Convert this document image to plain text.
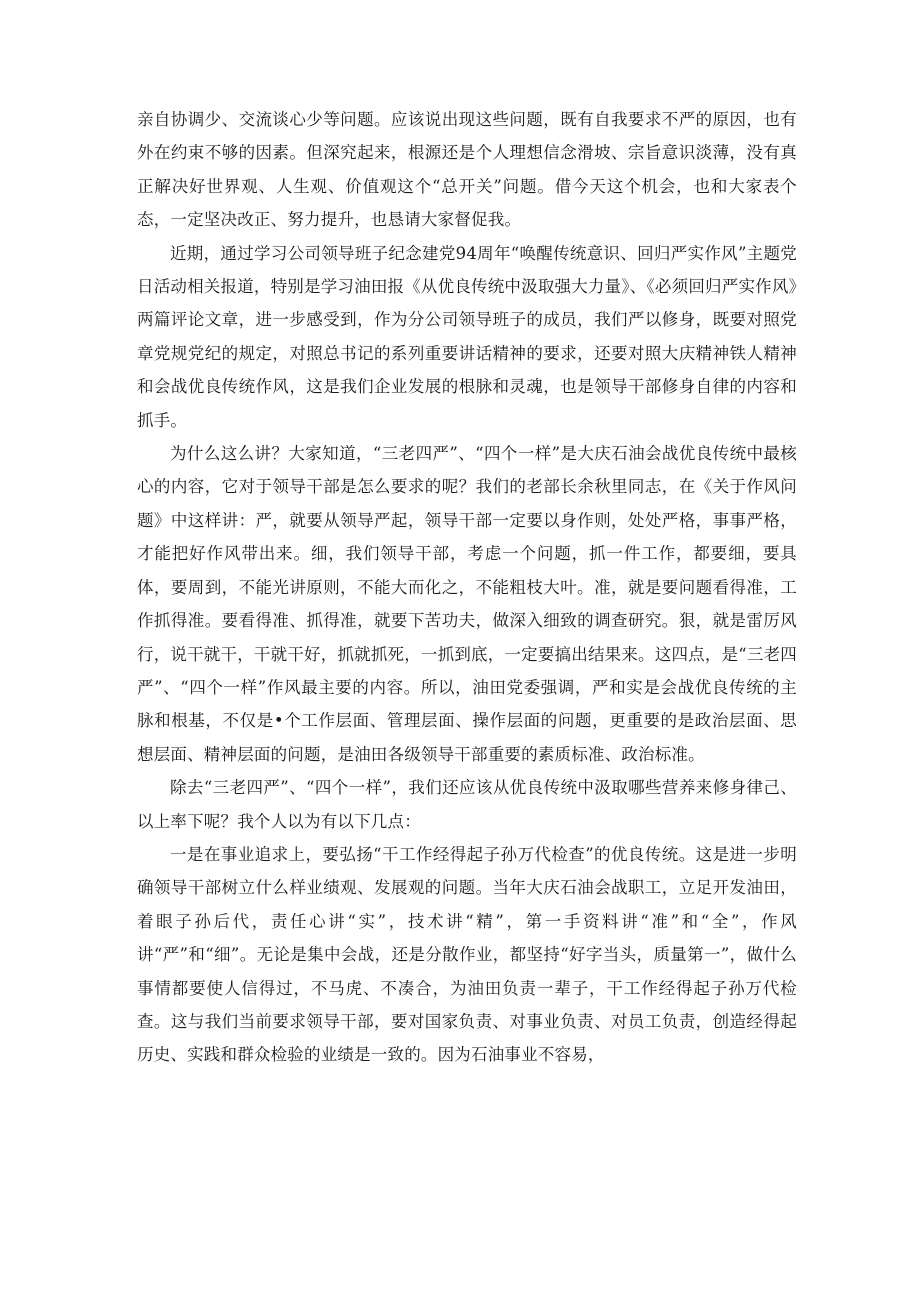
亲自协调少、交流谈心少等问题。应该说出现这些问题，既有自我要求不严的原因，也有外在约束不够的因素。但深究起来，根源还是个人理想信念滑坡、宗旨意识淡薄，没有真正解决好世界观、人生观、价值观这个“总开关”问题。借今天这个机会，也和大家表个态，一定坚决改正、努力提升，也恳请大家督促我。

近期，通过学习公司领导班子纪念建党94周年“唤醒传统意识、回归严实作风”主题党日活动相关报道，特别是学习油田报《从优良传统中汲取强大力量》、《必须回归严实作风》两篇评论文章，进一步感受到，作为分公司领导班子的成员，我们严以修身，既要对照党章党规党纪的规定，对照总书记的系列重要讲话精神的要求，还要对照大庆精神铁人精神和会战优良传统作风，这是我们企业发展的根脉和灵魂，也是领导干部修身自律的内容和抓手。

为什么这么讲？大家知道，“三老四严”、“四个一样”是大庆石油会战优良传统中最核心的内容，它对于领导干部是怎么要求的呢？我们的老部长余秋里同志，在《关于作风问题》中这样讲：严，就要从领导严起，领导干部一定要以身作则，处处严格，事事严格，才能把好作风带出来。细，我们领导干部，考虑一个问题，抓一件工作，都要细，要具体，要周到，不能光讲原则，不能大而化之，不能粗枝大叶。准，就是要问题看得准，工作抓得准。要看得准、抓得准，就要下苦功夫，做深入细致的调查研究。狠，就是雷厉风行，说干就干，干就干好，抓就抓死，一抓到底，一定要搞出结果来。这四点，是“三老四严”、“四个一样”作风最主要的内容。所以，油田党委强调，严和实是会战优良传统的主脉和根基，不仅是•个工作层面、管理层面、操作层面的问题，更重要的是政治层面、思想层面、精神层面的问题，是油田各级领导干部重要的素质标准、政治标准。

除去“三老四严”、“四个一样”，我们还应该从优良传统中汲取哪些营养来修身律己、以上率下呢？我个人以为有以下几点：

一是在事业追求上，要弘扬“干工作经得起子孙万代检查”的优良传统。这是进一步明确领导干部树立什么样业绩观、发展观的问题。当年大庆石油会战职工，立足开发油田，着眼子孙后代，责任心讲“实”，技术讲“精”，第一手资料讲“准”和“全”，作风讲“严”和“细”。无论是集中会战，还是分散作业，都坚持“好字当头，质量第一”，做什么事情都要使人信得过，不马虎、不凑合，为油田负责一辈子，干工作经得起子孙万代检查。这与我们当前要求领导干部，要对国家负责、对事业负责、对员工负责，创造经得起历史、实践和群众检验的业绩是一致的。因为石油事业不容易，
